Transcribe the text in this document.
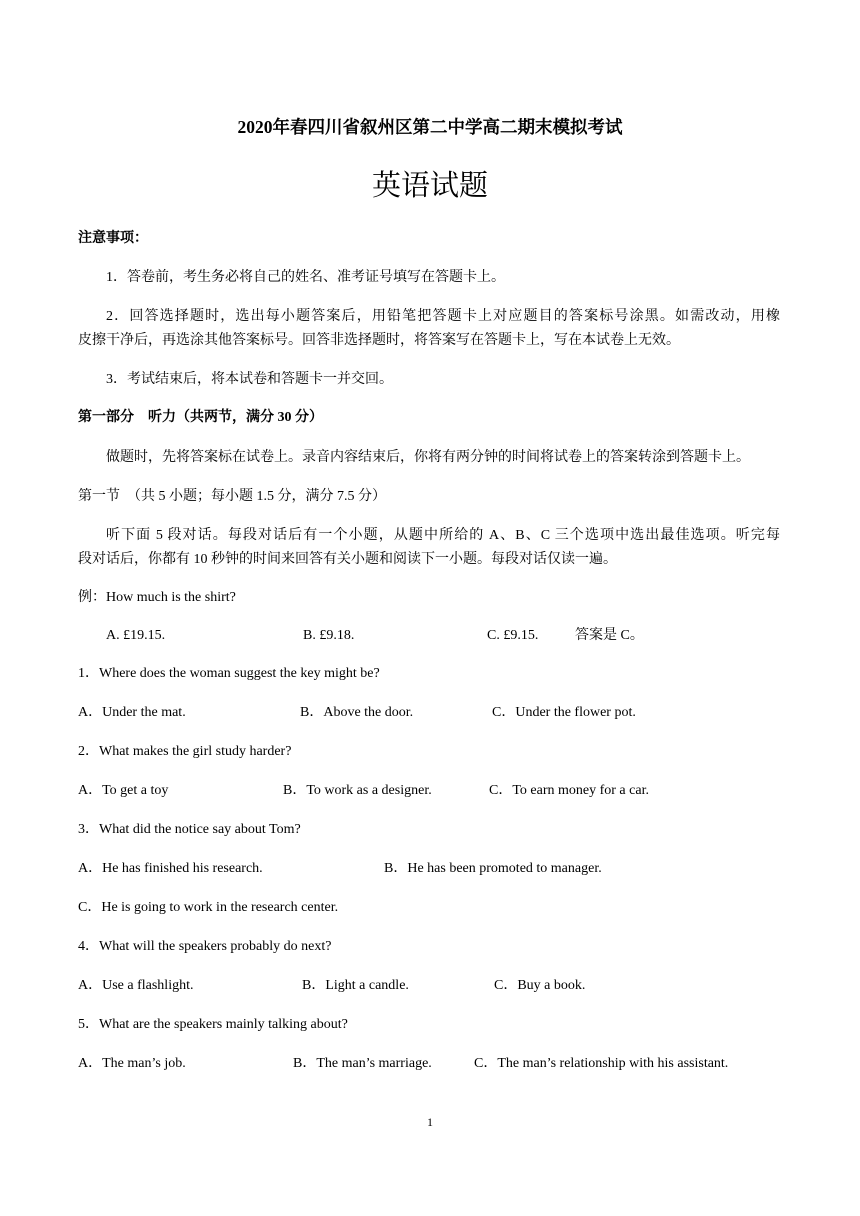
2020年春四川省叙州区第二中学高二期末模拟考试
英语试题
注意事项：
1．答卷前，考生务必将自己的姓名、准考证号填写在答题卡上。
2．回答选择题时，选出每小题答案后，用铅笔把答题卡上对应题目的答案标号涂黑。如需改动，用橡
皮擦干净后，再选涂其他答案标号。回答非选择题时，将答案写在答题卡上，写在本试卷上无效。
3．考试结束后，将本试卷和答题卡一并交回。
第一部分　听力（共两节，满分 30 分）
做题时，先将答案标在试卷上。录音内容结束后，你将有两分钟的时间将试卷上的答案转涂到答题卡上。
第一节　（共 5 小题；每小题 1.5 分，满分 7.5 分）
听下面 5 段对话。每段对话后有一个小题，从题中所给的 A、B、C 三个选项中选出最佳选项。听完每
段对话后，你都有 10 秒钟的时间来回答有关小题和阅读下一小题。每段对话仅读一遍。
例：How much is the shirt?
A. £19.15.	B. £9.18.	C. £9.15.	答案是 C。
1．Where does the woman suggest the key might be?
A．Under the mat.	B．Above the door.	C．Under the flower pot.
2．What makes the girl study harder?
A．To get a toy	B．To work as a designer.	C．To earn money for a car.
3．What did the notice say about Tom?
A．He has finished his research.	B．He has been promoted to manager.
C．He is going to work in the research center.
4．What will the speakers probably do next?
A．Use a flashlight.	B．Light a candle.	C．Buy a book.
5．What are the speakers mainly talking about?
A．The man’s job.	B．The man’s marriage.	C．The man’s relationship with his assistant.
1
